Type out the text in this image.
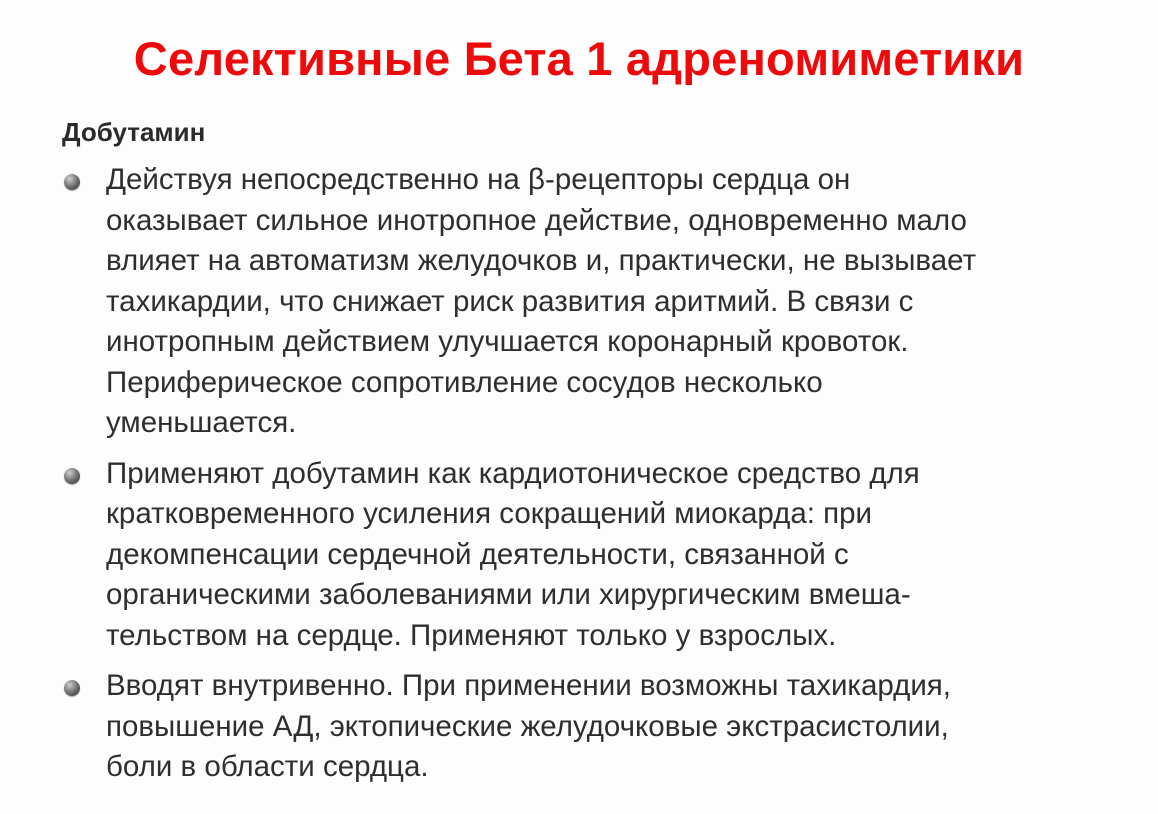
Селективные Бета 1 адреномиметики
Добутамин

Действуя непосредственно на β-рецепторы сердца он

оказывает сильное инотропное действие, одновременно мало

влияет на автоматизм желудочков и, практически, не вызывает

тахикардии, что снижает риск развития аритмий. В связи с

инотропным действием улучшается коронарный кровоток.

Периферическое сопротивление сосудов несколько

уменьшается.

Применяют добутамин как кардиотоническое средство для

кратковременного усиления сокращений миокарда: при

декомпенсации сердечной деятельности, связанной с

органическими заболеваниями или хирургическим вмеша-

тельством на сердце. Применяют только у взрослых.

Вводят внутривенно. При применении возможны тахикардия,

повышение АД, эктопические желудочковые экстрасистолии,

боли в области сердца.
